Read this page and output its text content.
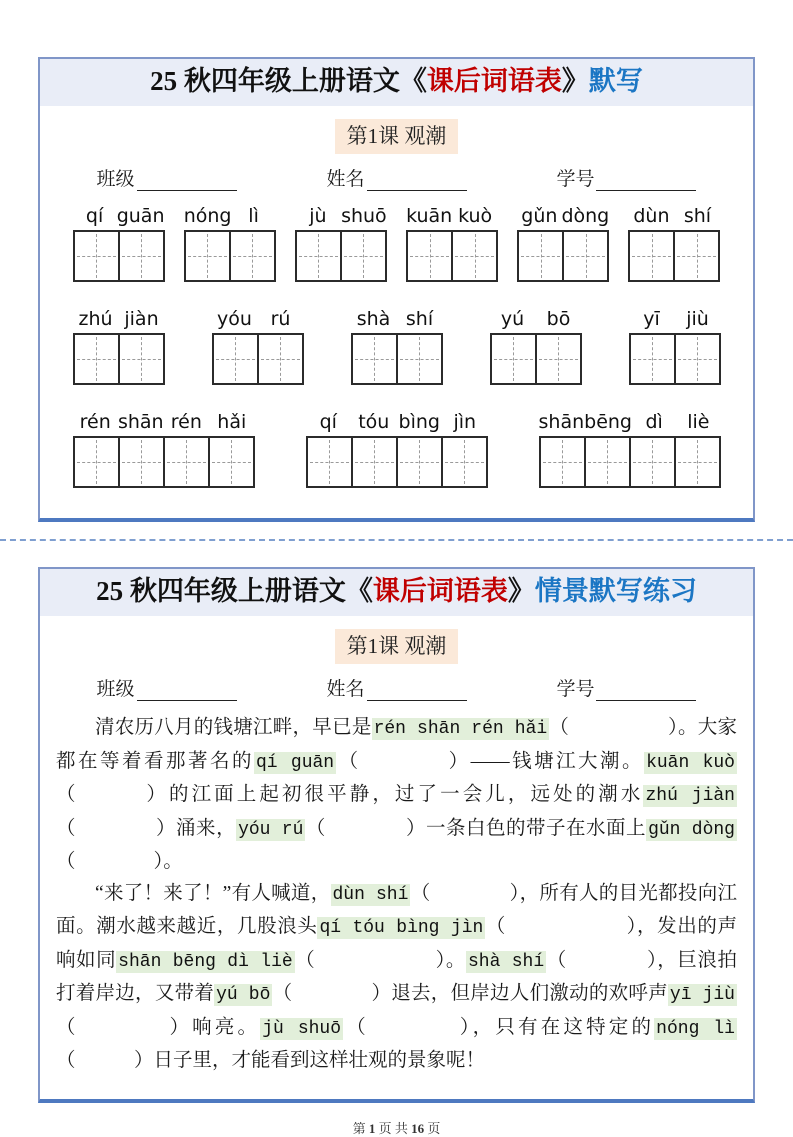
25 秋四年级上册语文《课后词语表》默写
第1课 观潮
班级	姓名	学号
qí guān nóng lì	jù shuō kuān kuò	gǔn dòng dùn shí
zhú jiàn	yóu rú	shà shí	yú	bō	yī	jiù
rén shān rén hǎi	qí	tóu bìng jìn	shān bēng dì	liè
25 秋四年级上册语文《课后词语表》情景默写练习
第1课 观潮
班级	姓名	学号

清农历八月的钱塘江畔，早已是 rén shān rén hǎi （　　　　　）。大家都在等着看那著名的 qí guān （　　　　）——钱塘江大潮。 kuān kuò（　　　）的江面上起初很平静，过了一会儿，远处的潮水 zhú jiàn（　　　　）涌来， yóu rú （　　　　）一条白色的带子在水面上 gǔn dòng（　　　　）。

“来了！来了！”有人喊道， dùn shí （　　　　），所有人的目光都投向江面。潮水越来越近，几股浪头 qí tóu bìng jìn （　　　　　　），发出的声响如同 shān bēng dì liè （　　　　　　）。 shà shí （　　　　），巨浪拍打着岸边，又带着 yú bō （　　　　）退去，但岸边人们激动的欢呼声 yī jiù（　　　　）响亮。 jù shuō （　　　　），只有在这特定的 nóng lì（　　　）日子里，才能看到这样壮观的景象呢！

第 1 页 共 16 页
